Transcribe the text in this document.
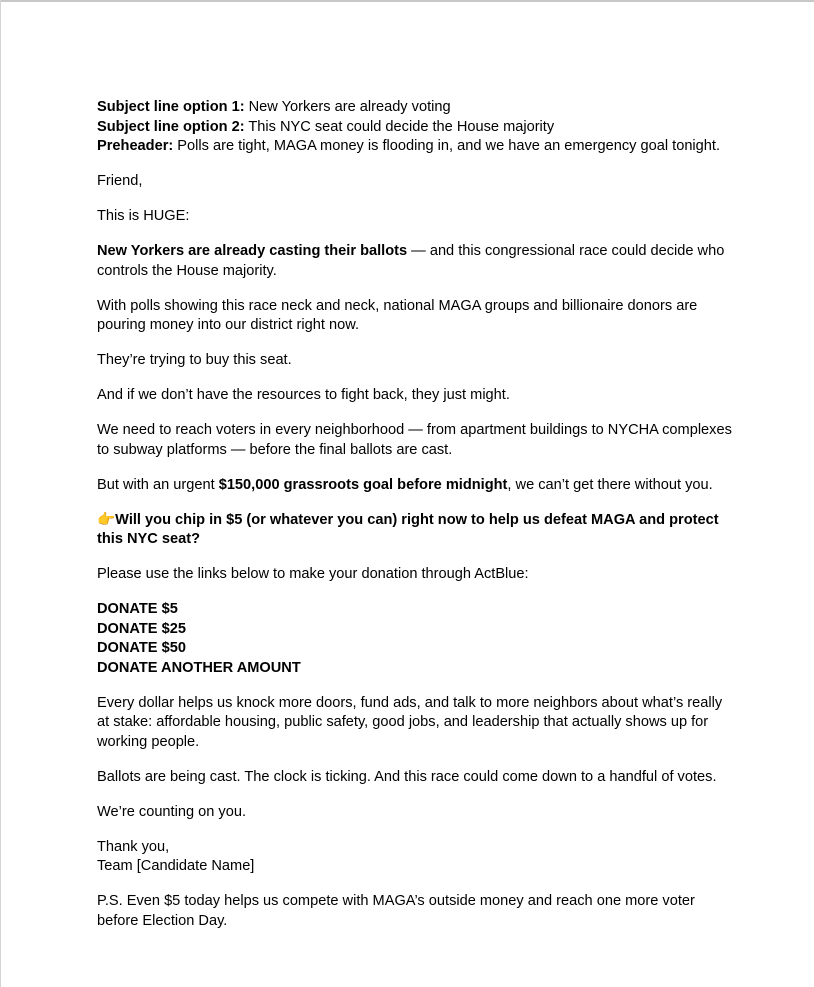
Subject line option 1: New Yorkers are already voting
Subject line option 2: This NYC seat could decide the House majority
Preheader: Polls are tight, MAGA money is flooding in, and we have an emergency goal tonight.

Friend,

This is HUGE:

New Yorkers are already casting their ballots — and this congressional race could decide who controls the House majority.

With polls showing this race neck and neck, national MAGA groups and billionaire donors are pouring money into our district right now.

They’re trying to buy this seat.

And if we don’t have the resources to fight back, they just might.

We need to reach voters in every neighborhood — from apartment buildings to NYCHA complexes to subway platforms — before the final ballots are cast.

But with an urgent $150,000 grassroots goal before midnight, we can’t get there without you.

👉Will you chip in $5 (or whatever you can) right now to help us defeat MAGA and protect this NYC seat?

Please use the links below to make your donation through ActBlue:

DONATE $5
DONATE $25
DONATE $50
DONATE ANOTHER AMOUNT

Every dollar helps us knock more doors, fund ads, and talk to more neighbors about what’s really at stake: affordable housing, public safety, good jobs, and leadership that actually shows up for working people.

Ballots are being cast. The clock is ticking. And this race could come down to a handful of votes.

We’re counting on you.

Thank you,
Team [Candidate Name]

P.S. Even $5 today helps us compete with MAGA’s outside money and reach one more voter before Election Day.
